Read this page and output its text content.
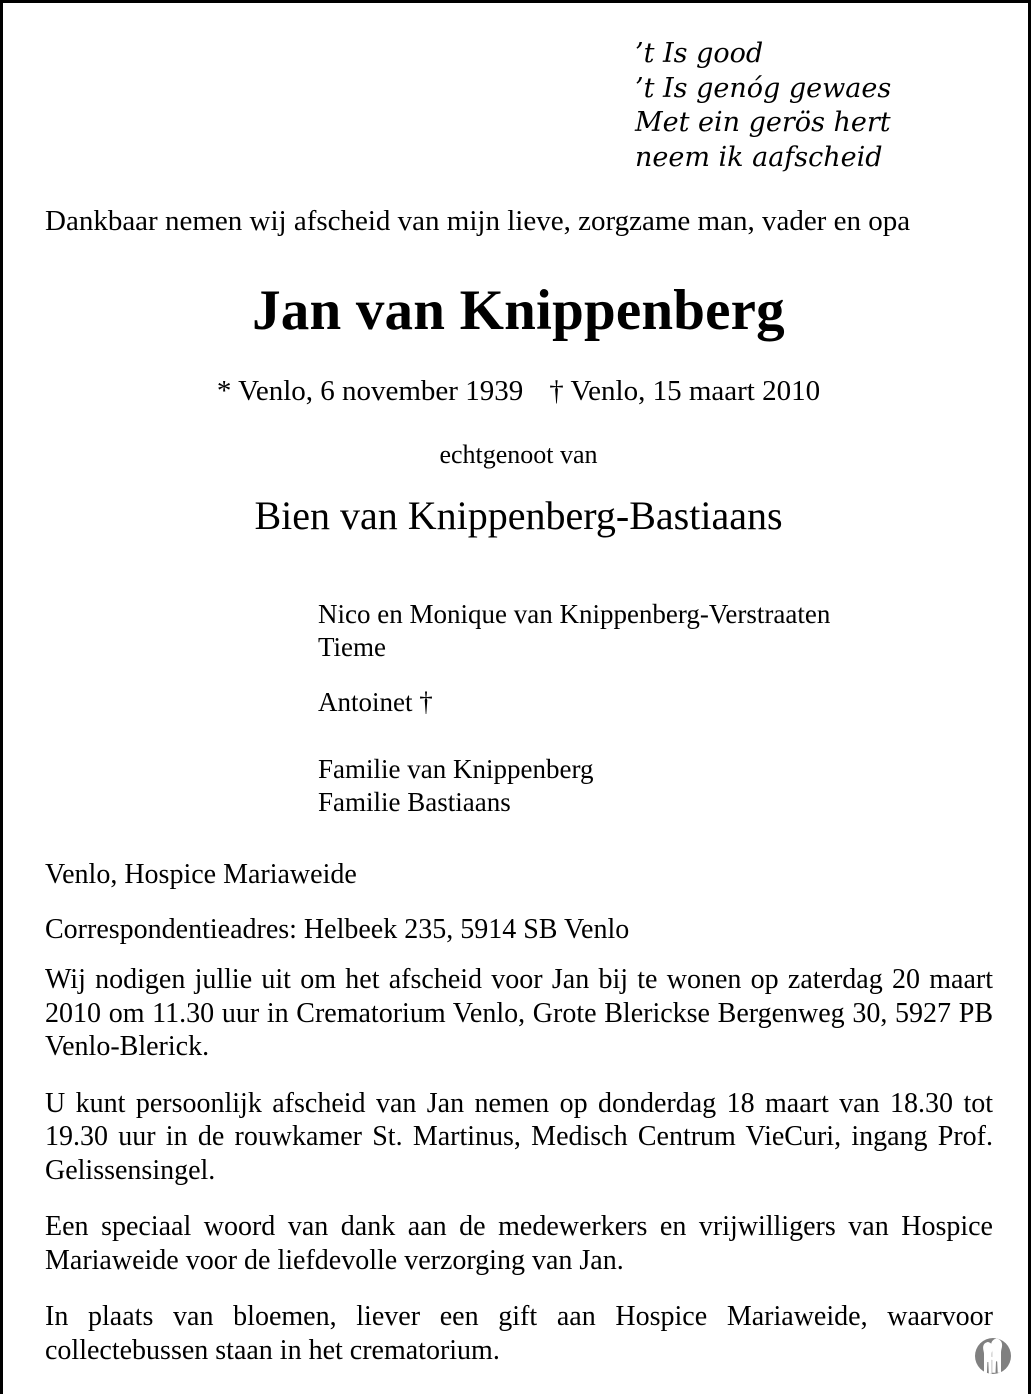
’t Is good
’t Is genóg gewaes
Met ein gerös hert
neem ik aafscheid
Dankbaar nemen wij afscheid van mijn lieve, zorgzame man, vader en opa
Jan van Knippenberg
* Venlo, 6 november 1939 † Venlo, 15 maart 2010
echtgenoot van
Bien van Knippenberg-Bastiaans
Nico en Monique van Knippenberg-Verstraaten
Tieme
Antoinet †
Familie van Knippenberg
Familie Bastiaans
Venlo, Hospice Mariaweide
Correspondentieadres: Helbeek 235, 5914 SB Venlo

Wij nodigen jullie uit om het afscheid voor Jan bij te wonen op zaterdag 20 maart 2010 om 11.30 uur in Crematorium Venlo, Grote Blerickse Bergenweg 30, 5927 PB Venlo-Blerick.

U kunt persoonlijk afscheid van Jan nemen op donderdag 18 maart van 18.30 tot 19.30 uur in de rouwkamer St. Martinus, Medisch Centrum VieCuri, ingang Prof. Gelissensingel.

Een speciaal woord van dank aan de medewerkers en vrijwilligers van Hospice Mariaweide voor de liefdevolle verzorging van Jan.

In plaats van bloemen, liever een gift aan Hospice Mariaweide, waarvoor collectebussen staan in het crematorium.
